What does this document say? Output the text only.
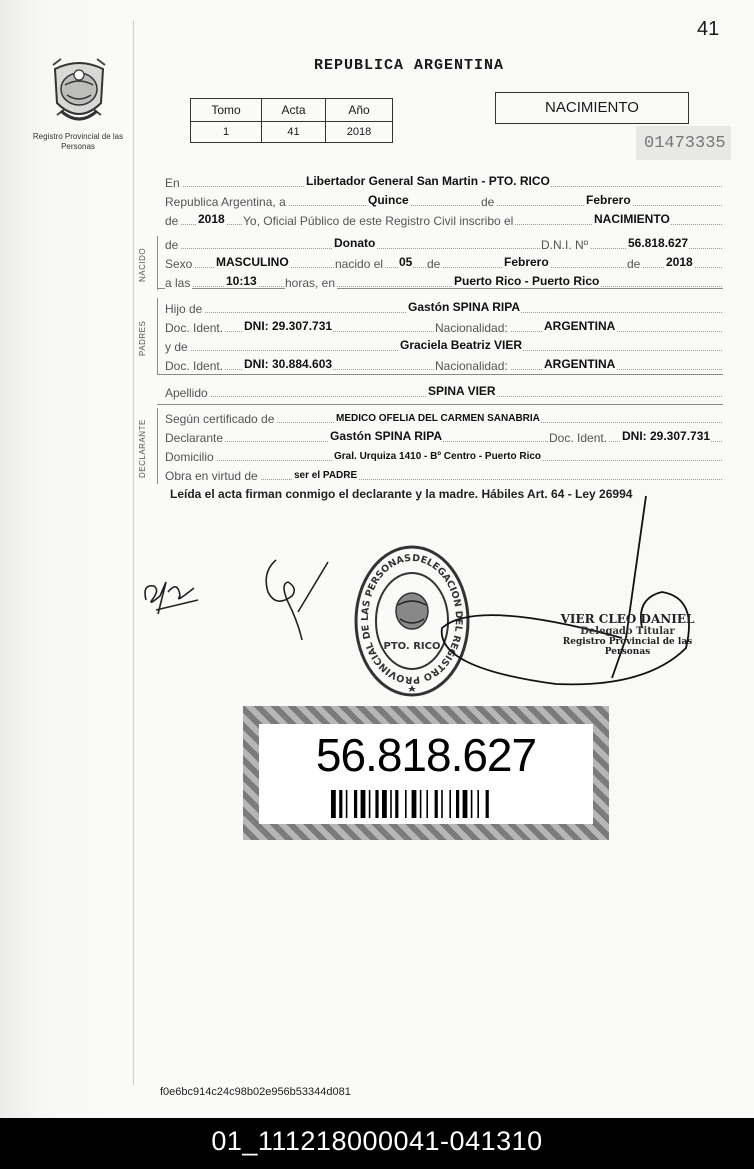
41
Registro Provincial de las Personas
REPUBLICA ARGENTINA
Tomo	Acta	Año
1	41	2018
NACIMIENTO
01473335
NACIDO
PADRES
DECLARANTE
En	Libertador General San Martin - PTO. RICO
Republica Argentina, a	Quince	de	Febrero
de 2018 Yo, Oficial Público de este Registro Civil inscribo el	NACIMIENTO
de	Donato	D.N.I. Nº	56.818.627
Sexo MASCULINO	nacido el 05 de	Febrero	de 2018
a las	10:13 horas, en	Puerto Rico - Puerto Rico
Hijo de	Gastón SPINA RIPA
Doc. Ident. DNI: 29.307.731	Nacionalidad:	ARGENTINA
y de	Graciela Beatriz VIER
Doc. Ident. DNI: 30.884.603	Nacionalidad:	ARGENTINA
Apellido	SPINA VIER
Según certificado de	MEDICO OFELIA DEL CARMEN SANABRIA
Declarante	Gastón SPINA RIPA	Doc. Ident. DNI: 29.307.731
Domicilio	Gral. Urquiza 1410 - Bº Centro - Puerto Rico
Obra en virtud de	ser el PADRE
Leída el acta firman conmigo el declarante y la madre. Hábiles Art. 64 - Ley 26994
DELEGACION DEL REGISTRO PROVINCIAL DE LAS PERSONAS
PTO. RICO
VIER CLEO DANIEL
Delegado Titular
Registro Provincial de las Personas
56.818.627
f0e6bc914c24c98b02e956b53344d081
01_111218000041-041310
